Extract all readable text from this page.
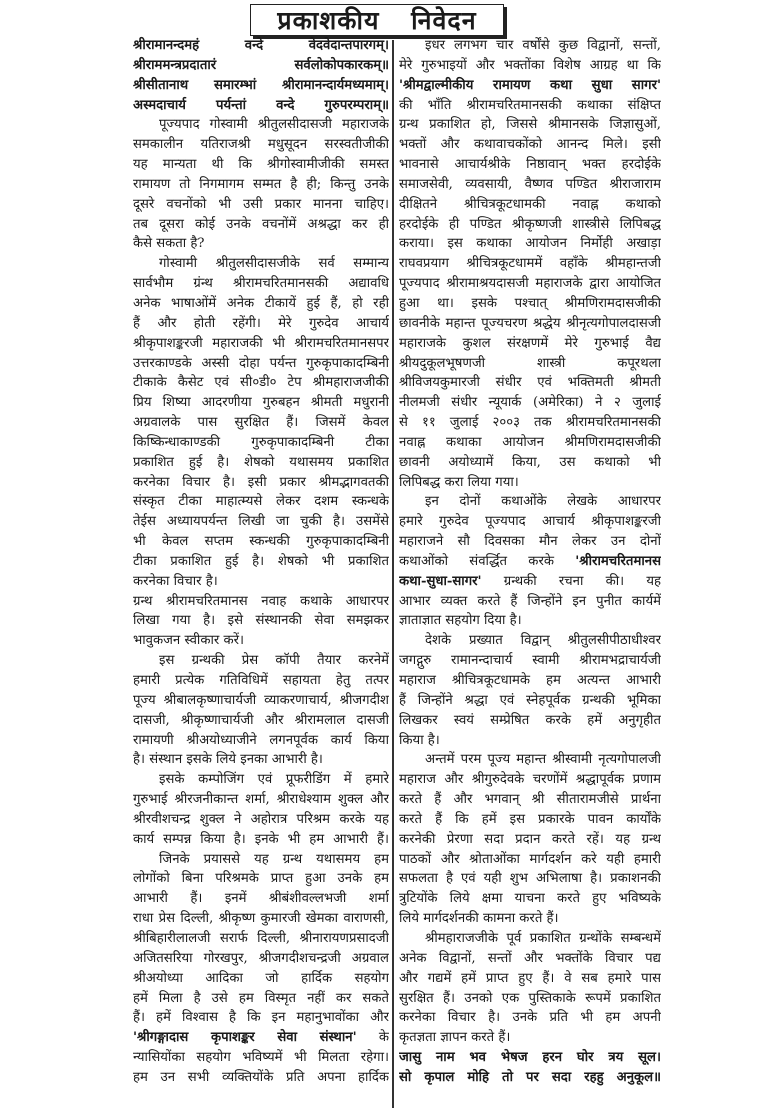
प्रकाशकीय निवेदन
श्रीरामानन्दमहं वन्दे वेदवेदान्तपारगम्।
श्रीराममन्त्रप्रदातारं सर्वलोकोपकारकम्॥
श्रीसीतानाथ समारम्भां श्रीरामानन्दार्यमध्यमाम्।
अस्मदाचार्य पर्यन्तां वन्दे गुरुपरम्पराम्॥
पूज्यपाद गोस्वामी श्रीतुलसीदासजी महाराजके
समकालीन यतिराजश्री मधुसूदन सरस्वतीजीकी
यह मान्यता थी कि श्रीगोस्वामीजीकी समस्त
रामायण तो निगमागम सम्मत है ही; किन्तु उनके
दूसरे वचनोंको भी उसी प्रकार मानना चाहिए।
तब दूसरा कोई उनके वचनोंमें अश्रद्धा कर ही
कैसे सकता है?
गोस्वामी श्रीतुलसीदासजीके सर्व सम्मान्य
सार्वभौम ग्रंन्थ श्रीरामचरितमानसकी अद्यावधि
अनेक भाषाओंमें अनेक टीकायें हुई हैं, हो रही
हैं और होती रहेंगी। मेरे गुरुदेव आचार्य
श्रीकृपाशङ्करजी महाराजकी भी श्रीरामचरितमानसपर
उत्तरकाण्डके अस्सी दोहा पर्यन्त गुरुकृपाकादम्बिनी
टीकाके कैसेट एवं सी०डी० टेप श्रीमहाराजजीकी
प्रिय शिष्या आदरणीया गुरुबहन श्रीमती मधुरानी
अग्रवालके पास सुरक्षित हैं। जिसमें केवल
किष्किन्धाकाण्डकी गुरुकृपाकादम्बिनी टीका
प्रकाशित हुई है। शेषको यथासमय प्रकाशित
करनेका विचार है। इसी प्रकार श्रीमद्भागवतकी
संस्कृत टीका माहात्म्यसे लेकर दशम स्कन्धके
तेईस अध्यायपर्यन्त लिखी जा चुकी है। उसमेंसे
भी केवल सप्तम स्कन्धकी गुरुकृपाकादम्बिनी
टीका प्रकाशित हुई है। शेषको भी प्रकाशित
करनेका विचार है।
ग्रन्थ श्रीरामचरितमानस नवाह कथाके आधारपर
लिखा गया है। इसे संस्थानकी सेवा समझकर
भावुकजन स्वीकार करें।
इस ग्रन्थकी प्रेस कॉपी तैयार करनेमें
हमारी प्रत्येक गतिविधिमें सहायता हेतु तत्पर
पूज्य श्रीबालकृष्णाचार्यजी व्याकरणाचार्य, श्रीजगदीश
दासजी, श्रीकृष्णाचार्यजी और श्रीरामलाल दासजी
रामायणी श्रीअयोध्याजीने लगनपूर्वक कार्य किया
है। संस्थान इसके लिये इनका आभारी है।
इसके कम्पोजिंग एवं प्रूफरीडिंग में हमारे
गुरुभाई श्रीरजनीकान्त शर्मा, श्रीराधेश्याम शुक्ल और
श्रीरवीशचन्द्र शुक्ल ने अहोरात्र परिश्रम करके यह
कार्य सम्पन्न किया है। इनके भी हम आभारी हैं।
जिनके प्रयाससे यह ग्रन्थ यथासमय हम
लोगोंको बिना परिश्रमके प्राप्त हुआ उनके हम
आभारी हैं। इनमें श्रीबंशीवल्लभजी शर्मा
राधा प्रेस दिल्ली, श्रीकृष्ण कुमारजी खेमका वाराणसी,
श्रीबिहारीलालजी सरार्फ दिल्ली, श्रीनारायणप्रसादजी
अजितसरिया गोरखपुर, श्रीजगदीशचन्द्रजी अग्रवाल
श्रीअयोध्या आदिका जो हार्दिक सहयोग
हमें मिला है उसे हम विस्मृत नहीं कर सकते
हैं। हमें विश्वास है कि इन महानुभावोंका और
'श्रीगङ्गादास कृपाशङ्कर सेवा संस्थान' के
न्यासियोंका सहयोग भविष्यमें भी मिलता रहेगा।
हम उन सभी व्यक्तियोंके प्रति अपना हार्दिक
इधर लगभग चार वर्षोंसे कुछ विद्वानों, सन्तों,
मेरे गुरुभाइयों और भक्तोंका विशेष आग्रह था कि
'श्रीमद्वाल्मीकीय रामायण कथा सुधा सागर'
की भाँति श्रीरामचरितमानसकी कथाका संक्षिप्त
ग्रन्थ प्रकाशित हो, जिससे श्रीमानसके जिज्ञासुओं,
भक्तों और कथावाचकोंको आनन्द मिले। इसी
भावनासे आचार्यश्रीके निष्ठावान् भक्त हरदोईके
समाजसेवी, व्यवसायी, वैष्णव पण्डित श्रीराजाराम
दीक्षितने श्रीचित्रकूटधामकी नवाह्न कथाको
हरदोईके ही पण्डित श्रीकृष्णजी शास्त्रीसे लिपिबद्ध
कराया। इस कथाका आयोजन निर्मोही अखाड़ा
राघवप्रयाग श्रीचित्रकूटधाममें वहाँके श्रीमहान्तजी
पूज्यपाद श्रीरामाश्रयदासजी महाराजके द्वारा आयोजित
हुआ था। इसके पश्चात् श्रीमणिरामदासजीकी
छावनीके महान्त पूज्यचरण श्रद्धेय श्रीनृत्यगोपालदासजी
महाराजके कुशल संरक्षणमें मेरे गुरुभाई वैद्य
श्रीयदुकूलभूषणजी शास्त्री कपूरथला
श्रीविजयकुमारजी संधीर एवं भक्तिमती श्रीमती
नीलमजी संधीर न्यूयार्क (अमेरिका) ने २ जुलाई
से ११ जुलाई २००३ तक श्रीरामचरितमानसकी
नवाह्न कथाका आयोजन श्रीमणिरामदासजीकी
छावनी अयोध्यामें किया, उस कथाको भी
लिपिबद्ध करा लिया गया।
इन दोनों कथाओंके लेखके आधारपर
हमारे गुरुदेव पूज्यपाद आचार्य श्रीकृपाशङ्करजी
महाराजने सौ दिवसका मौन लेकर उन दोनों
कथाओंको संवर्द्धित करके 'श्रीरामचरितमानस
कथा-सुधा-सागर' ग्रन्थकी रचना की। यह
आभार व्यक्त करते हैं जिन्होंने इन पुनीत कार्यमें
ज्ञाताज्ञात सहयोग दिया है।
देशके प्रख्यात विद्वान् श्रीतुलसीपीठाधीश्वर
जगद्गुरु रामानन्दाचार्य स्वामी श्रीरामभद्राचार्यजी
महाराज श्रीचित्रकूटधामके हम अत्यन्त आभारी
हैं जिन्होंने श्रद्धा एवं स्नेहपूर्वक ग्रन्थकी भूमिका
लिखकर स्वयं सम्प्रेषित करके हमें अनुगृहीत
किया है।
अन्तमें परम पूज्य महान्त श्रीस्वामी नृत्यगोपालजी
महाराज और श्रीगुरुदेवके चरणोंमें श्रद्धापूर्वक प्रणाम
करते हैं और भगवान् श्री सीतारामजीसे प्रार्थना
करते हैं कि हमें इस प्रकारके पावन कार्योंके
करनेकी प्रेरणा सदा प्रदान करते रहें। यह ग्रन्थ
पाठकों और श्रोताओंका मार्गदर्शन करे यही हमारी
सफलता है एवं यही शुभ अभिलाषा है। प्रकाशनकी
त्रुटियोंके लिये क्षमा याचना करते हुए भविष्यके
लिये मार्गदर्शनकी कामना करते हैं।
श्रीमहाराजजीके पूर्व प्रकाशित ग्रन्थोंके सम्बन्धमें
अनेक विद्वानों, सन्तों और भक्तोंके विचार पद्य
और गद्यमें हमें प्राप्त हुए हैं। वे सब हमारे पास
सुरक्षित हैं। उनको एक पुस्तिकाके रूपमें प्रकाशित
करनेका विचार है। उनके प्रति भी हम अपनी
कृतज्ञता ज्ञापन करते हैं।
जासु नाम भव भेषज हरन घोर त्रय सूल।
सो कृपाल मोहि तो पर सदा रहहु अनुकूल॥
